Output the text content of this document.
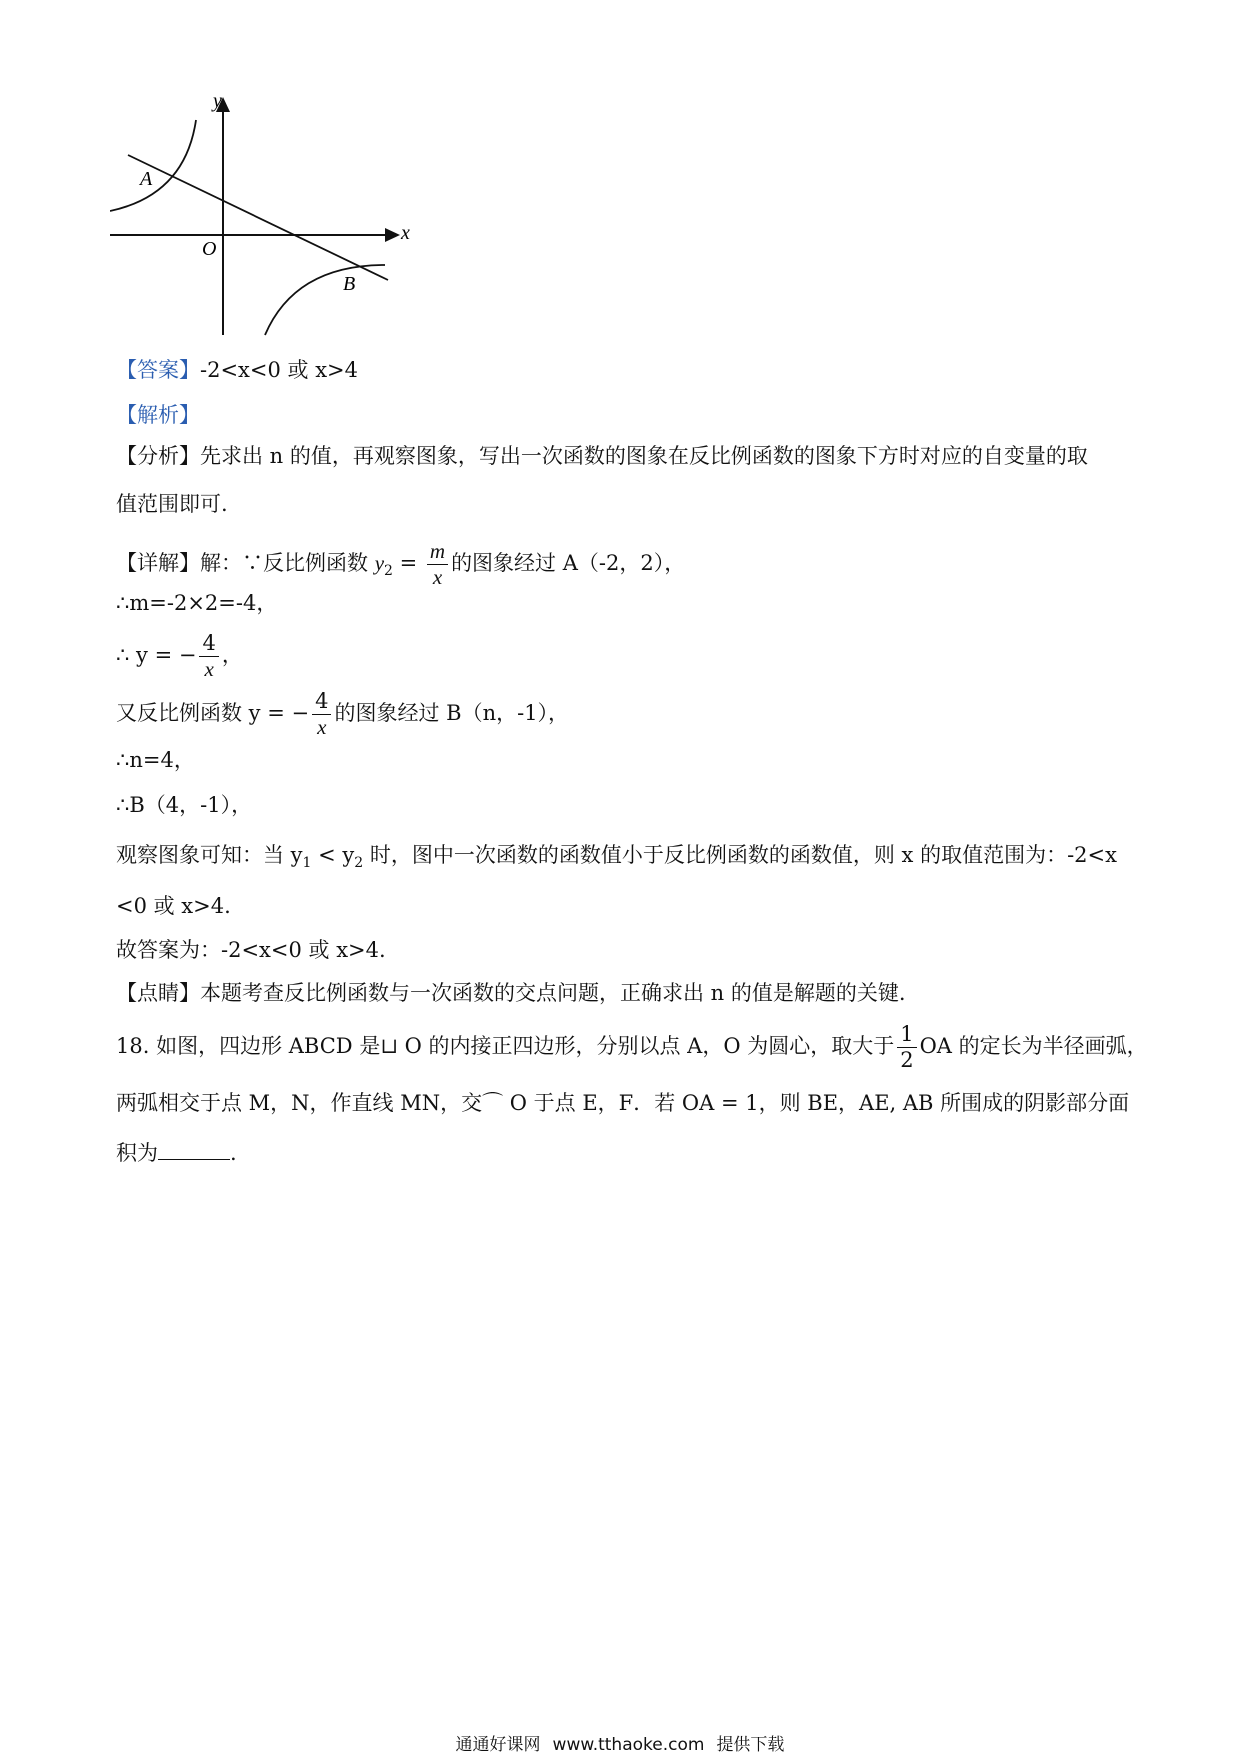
x
y
O
A
B
【答案】-2<x<0 或 x>4
【解析】
【分析】先求出 n 的值，再观察图象，写出一次函数的图象在反比例函数的图象下方时对应的自变量的取
值范围即可.
【详解】解：∵反比例函数 $y_2 = \frac{m}{x}$ 的图象经过 A（-2，2），
∴m=-2×2=-4，
∴ y = − $\frac{4}{x}$ ，
又反比例函数 y = − $\frac{4}{x}$ 的图象经过 B（n，-1），
∴n=4，
∴B（4，-1），
观察图象可知：当 $y_1 < y_2$ 时，图中一次函数的函数值小于反比例函数的函数值，则 x 的取值范围为：-2<x
<0 或 x>4.
故答案为：-2<x<0 或 x>4.
【点睛】本题考查反比例函数与一次函数的交点问题，正确求出 n 的值是解题的关键.
18. 如图，四边形 ABCD 是⊔ O 的内接正四边形，分别以点 A，O 为圆心，取大于 $\frac{1}{2}$ OA 的定长为半径画弧，
两弧相交于点 M，N，作直线 MN，交⌒ O 于点 E，F．若 OA = 1，则 BE，AE, AB 所围成的阴影部分面
积为	.
通通好课网 www.tthaoke.com 提供下载
